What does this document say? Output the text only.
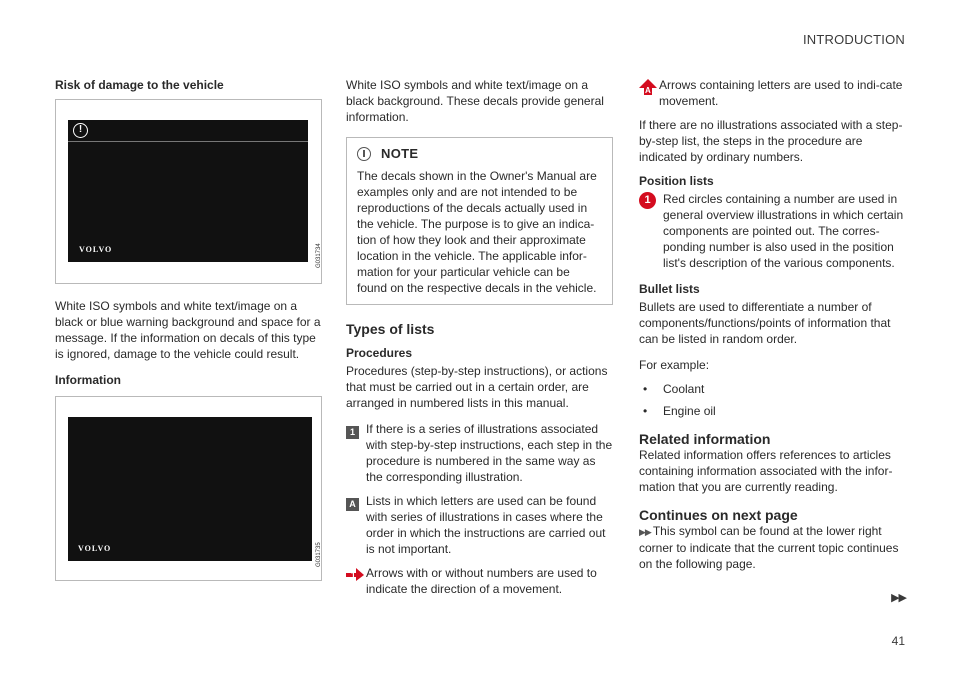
INTRODUCTION
Risk of damage to the vehicle
!
VOLVO	G031734

White ISO symbols and white text/image on a black or blue warning background and space for a message. If the information on decals of this type is ignored, damage to the vehicle could result.

Information
VOLVO	G031735

White ISO symbols and white text/image on a black background. These decals provide general information.

NOTE
The decals shown in the Owner's Manual are examples only and are not intended to be reproductions of the decals actually used in the vehicle. The purpose is to give an indica-tion of how they look and their approximate location in the vehicle. The applicable infor-mation for your particular vehicle can be found on the respective decals in the vehicle.
Types of lists
Procedures

Procedures (step-by-step instructions), or actions that must be carried out in a certain order, are arranged in numbered lists in this manual.

1 If there is a series of illustrations associated with step-by-step instructions, each step in the procedure is numbered in the same way as the corresponding illustration.
A Lists in which letters are used can be found with series of illustrations in cases where the order in which the instructions are carried out is not important.
1 Arrows with or without numbers are used to indicate the direction of a movement.
A Arrows containing letters are used to indi-cate movement.

If there are no illustrations associated with a step-by-step list, the steps in the procedure are indicated by ordinary numbers.

Position lists
1	Red circles containing a number are used in general overview illustrations in which certain components are pointed out. The corres-ponding number is also used in the position list's description of the various components.
Bullet lists

Bullets are used to differentiate a number of components/functions/points of information that can be listed in random order.

For example:

•	Coolant
•	Engine oil
Related information

Related information offers references to articles containing information associated with the infor-mation that you are currently reading.

Continues on next page

▶▶ This symbol can be found at the lower right corner to indicate that the current topic continues on the following page.

▶▶
41
